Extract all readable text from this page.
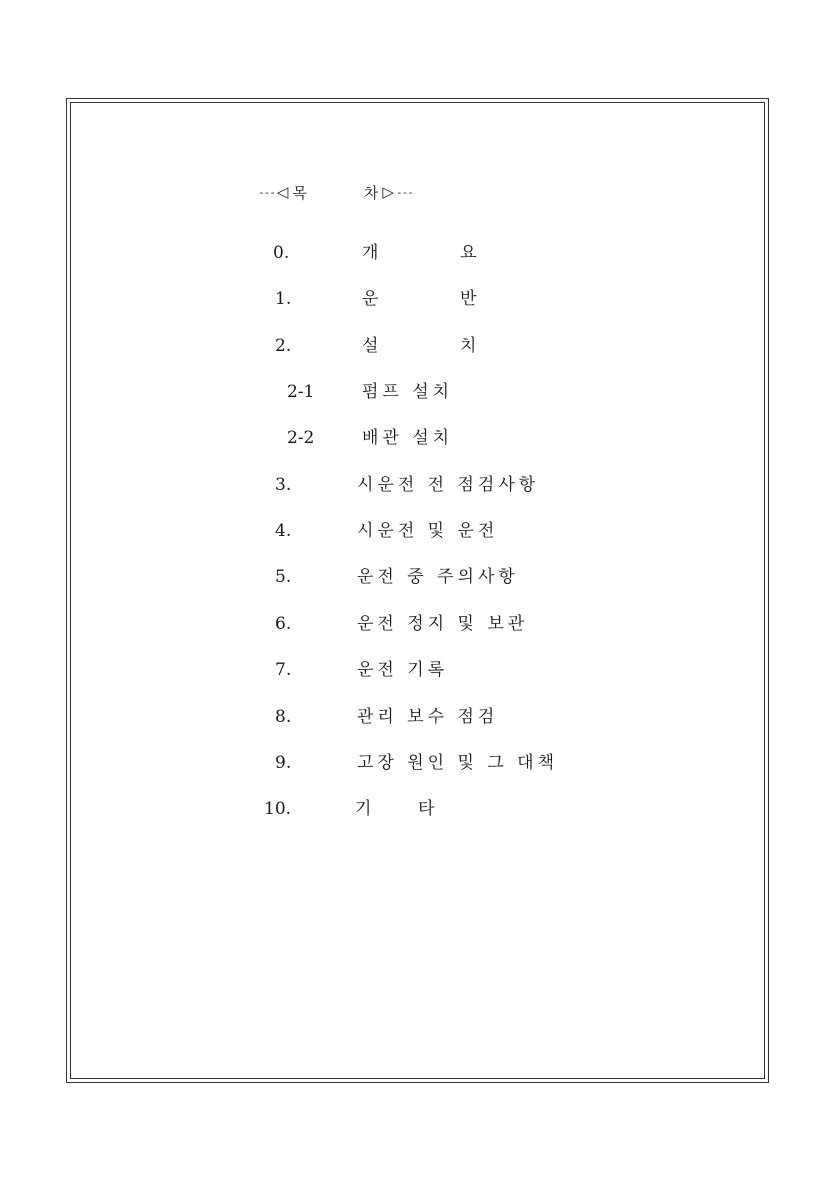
--- ◁ 목	차 ▷ ---
0.	개	요
1.	운	반
2.	설	치
2-1	펌프 설치
2-2	배관 설치
3.	시운전 전 점검사항
4.	시운전 및 운전
5.	운전 중 주의사항
6.	운전 정지 및 보관
7.	운전 기록
8.	관리 보수 점검
9.	고장 원인 및 그 대책
10.	기	타
